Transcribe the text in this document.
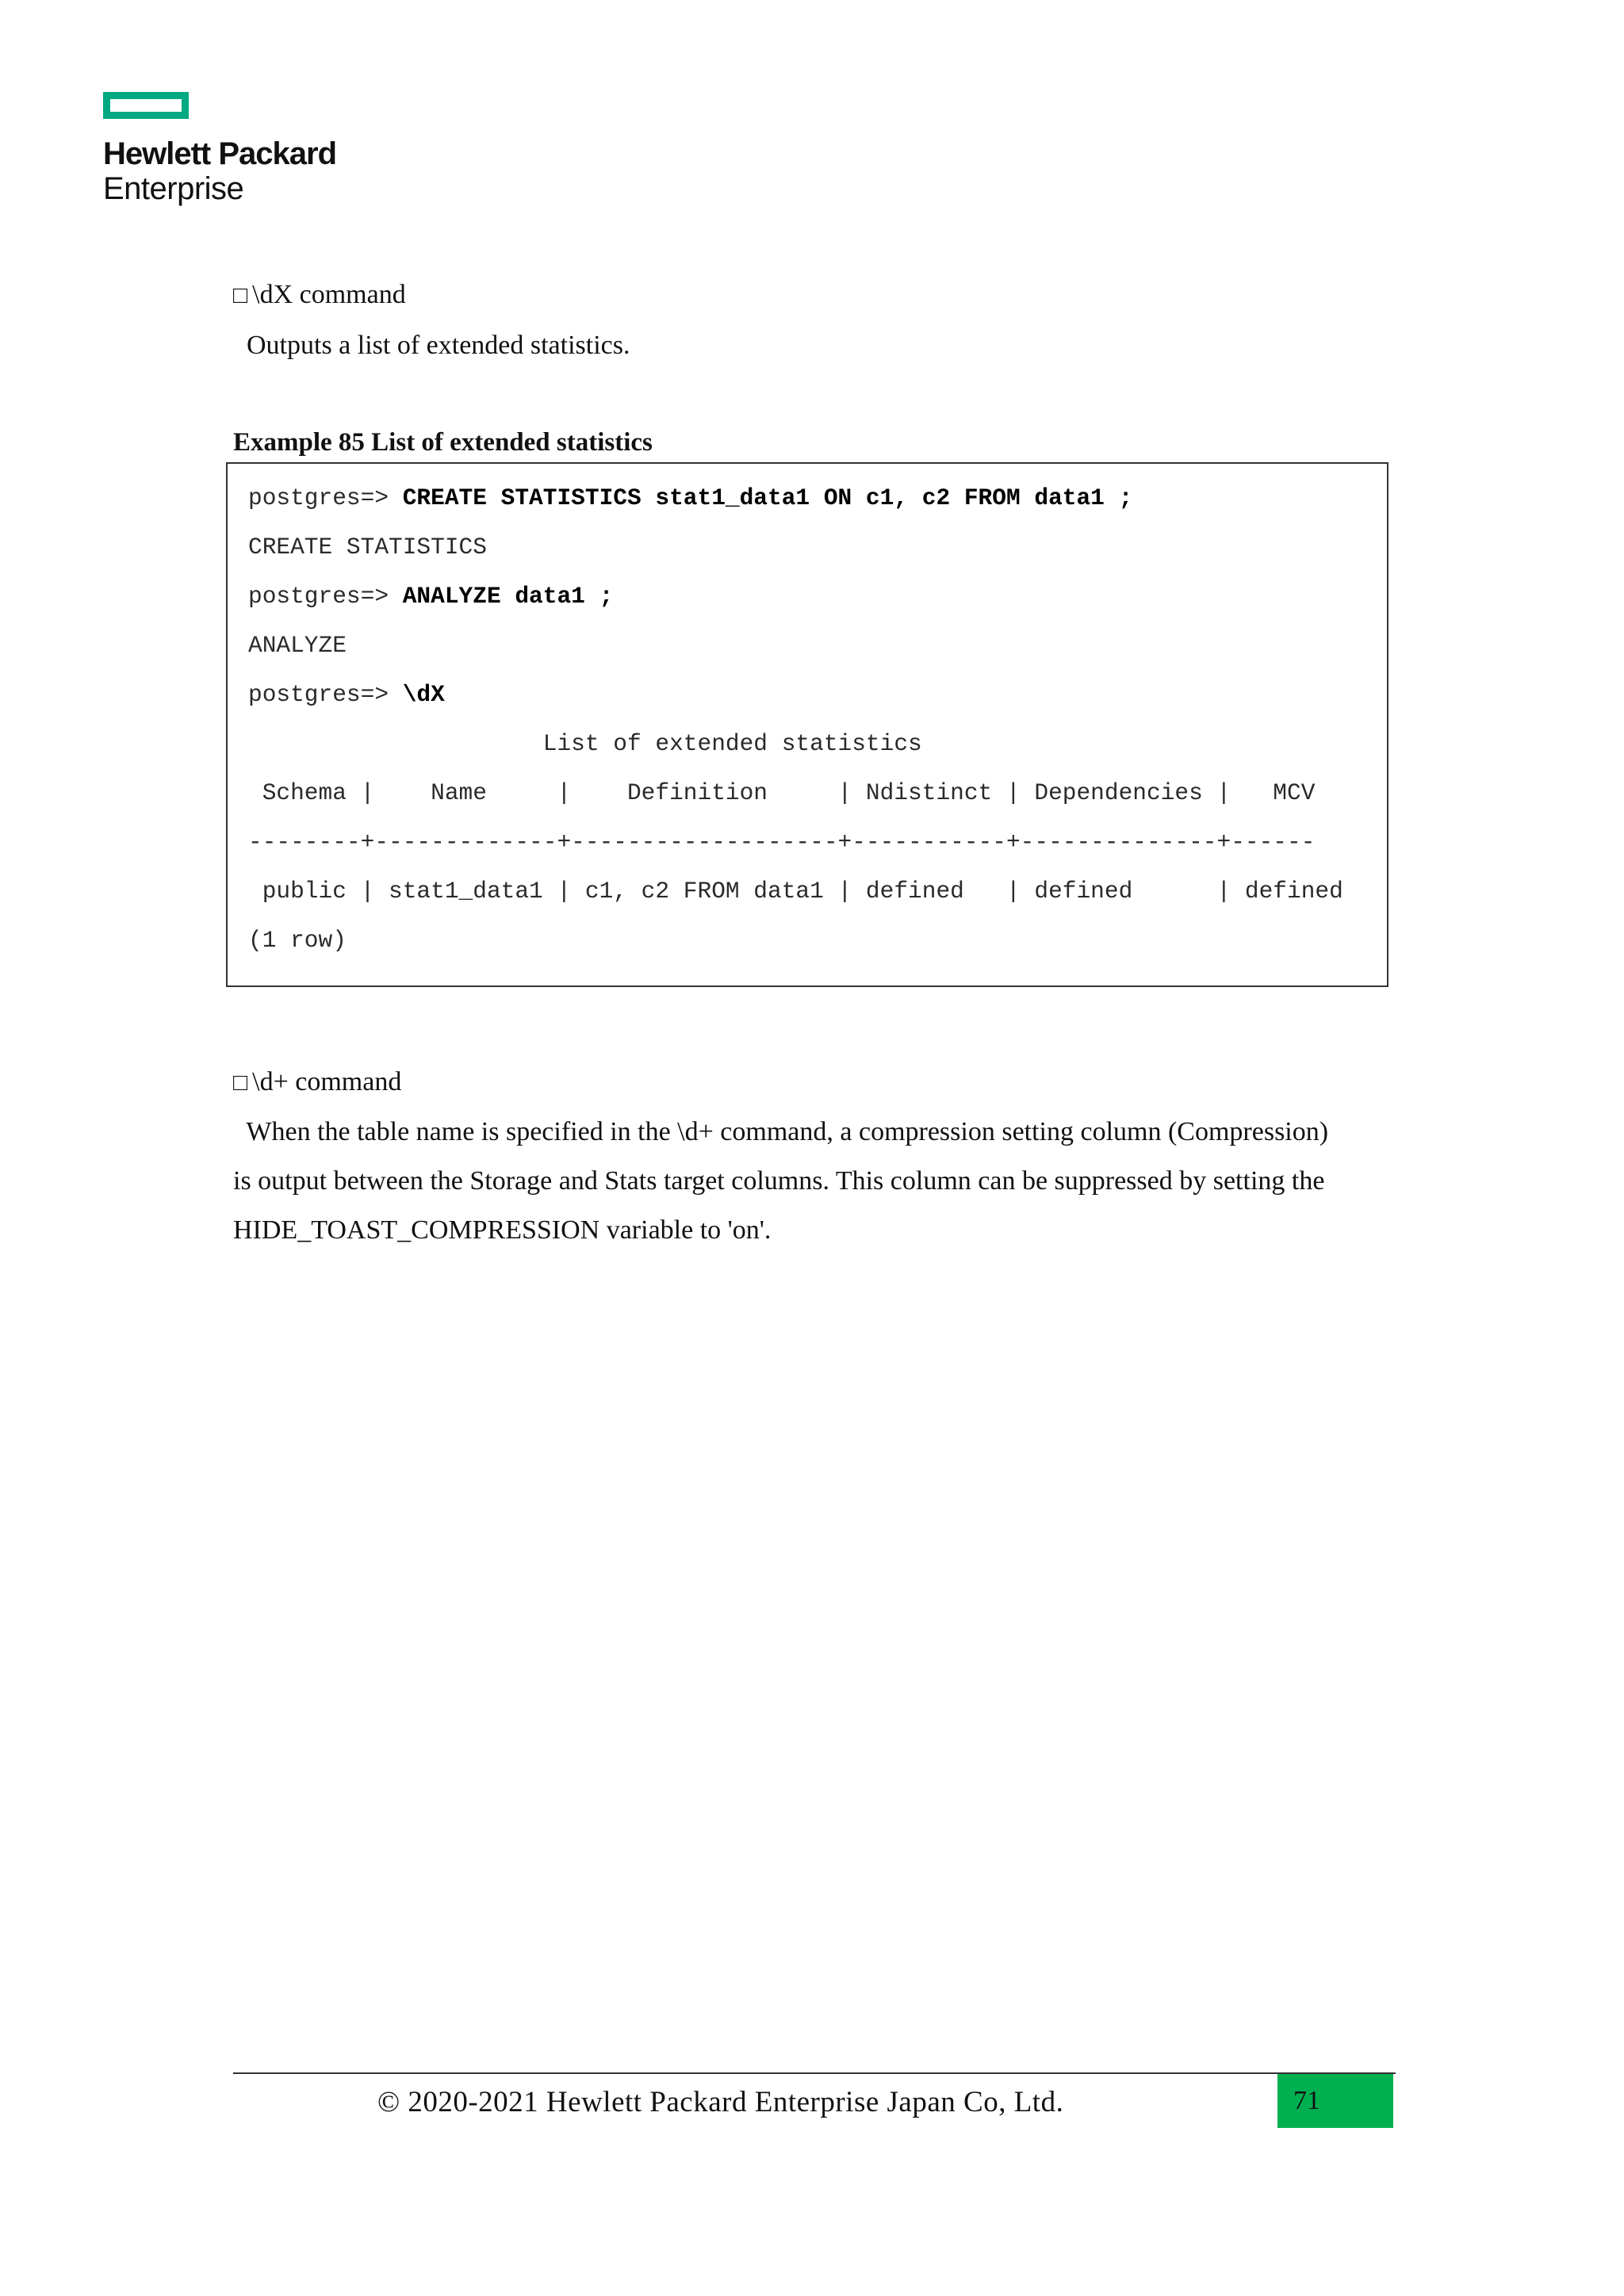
Hewlett Packard
Enterprise
□ \dX command
Outputs a list of extended statistics.
Example 85 List of extended statistics
postgres=> CREATE STATISTICS stat1_data1 ON c1, c2 FROM data1 ;
CREATE STATISTICS
postgres=> ANALYZE data1 ;
ANALYZE
postgres=> \dX
List of extended statistics
Schema |    Name     |    Definition     | Ndistinct | Dependencies |   MCV
--------+-------------+-------------------+-----------+--------------+------
public | stat1_data1 | c1, c2 FROM data1 | defined   | defined      | defined
(1 row)
□ \d+ command
When the table name is specified in the \d+ command, a compression setting column (Compression)
is output between the Storage and Stats target columns. This column can be suppressed by setting the
HIDE_TOAST_COMPRESSION variable to 'on'.
© 2020-2021 Hewlett Packard Enterprise Japan Co, Ltd.	71
